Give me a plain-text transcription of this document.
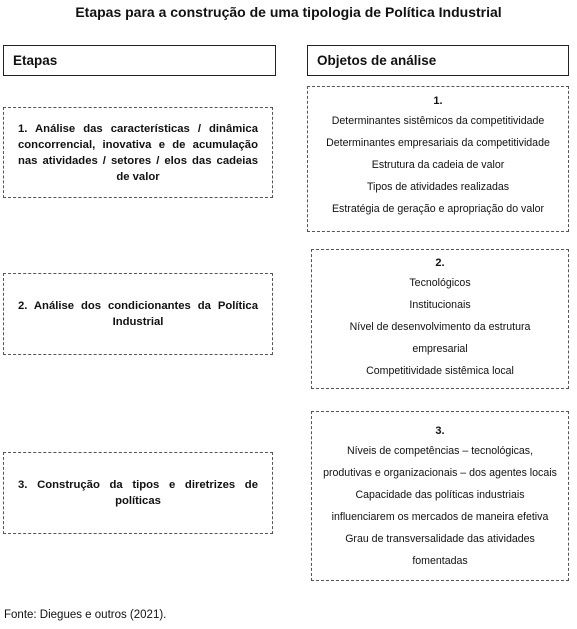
Etapas para a construção de uma tipologia de Política Industrial
Etapas	Objetos de análise
1. Análise das características / dinâmica concorrencial, inovativa e de acumulação nas atividades / setores / elos das cadeias de valor
2. Análise dos condicionantes da Política Industrial
3. Construção da tipos e diretrizes de políticas
1.
Determinantes sistêmicos da competitividade
Determinantes empresariais da competitividade
Estrutura da cadeia de valor
Tipos de atividades realizadas
Estratégia de geração e apropriação do valor
2.
Tecnológicos
Institucionais
Nível de desenvolvimento da estrutura
empresarial
Competitividade sistêmica local
3.
Níveis de competências – tecnológicas,
produtivas e organizacionais – dos agentes locais
Capacidade das políticas industriais
influenciarem os mercados de maneira efetiva
Grau de transversalidade das atividades
fomentadas
Fonte: Diegues e outros (2021).
